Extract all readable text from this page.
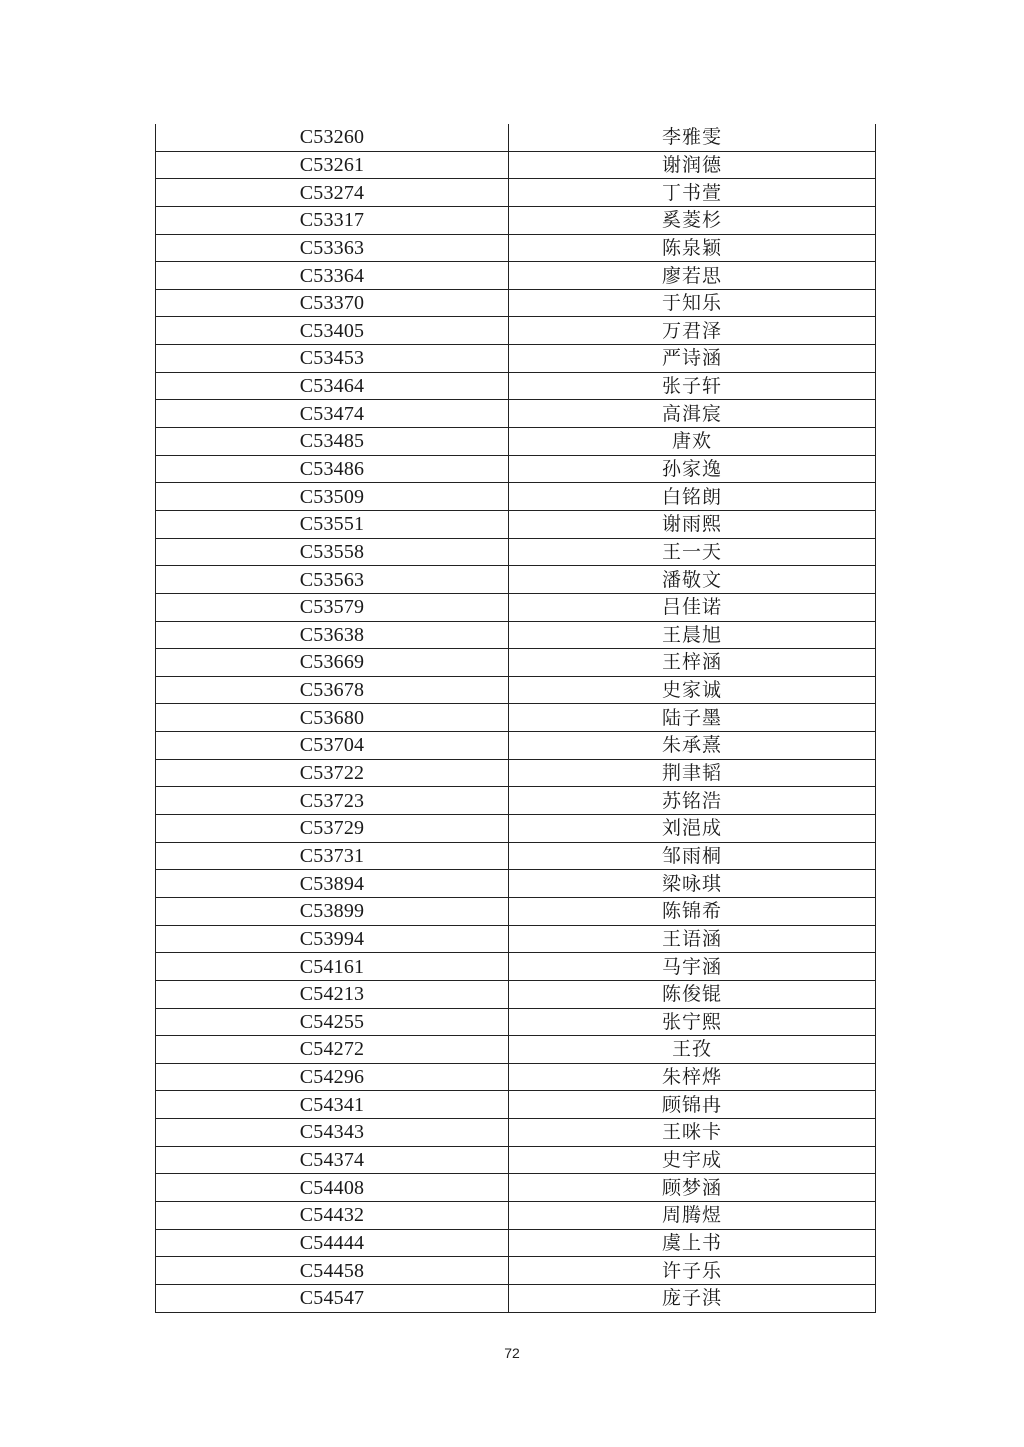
C53260	李雅雯
C53261	谢润德
C53274	丁书萱
C53317	奚菱杉
C53363	陈泉颖
C53364	廖若思
C53370	于知乐
C53405	万君泽
C53453	严诗涵
C53464	张子轩
C53474	高湒宸
C53485	唐欢
C53486	孙家逸
C53509	白铭朗
C53551	谢雨熙
C53558	王一天
C53563	潘敬文
C53579	吕佳诺
C53638	王晨旭
C53669	王梓涵
C53678	史家诚
C53680	陆子墨
C53704	朱承熹
C53722	荆聿韬
C53723	苏铭浩
C53729	刘浥成
C53731	邹雨桐
C53894	梁咏琪
C53899	陈锦希
C53994	王语涵
C54161	马宇涵
C54213	陈俊锟
C54255	张宁熙
C54272	王孜
C54296	朱梓烨
C54341	顾锦冉
C54343	王咪卡
C54374	史宇成
C54408	顾梦涵
C54432	周腾煜
C54444	虞上书
C54458	许子乐
C54547	庞子淇
72
